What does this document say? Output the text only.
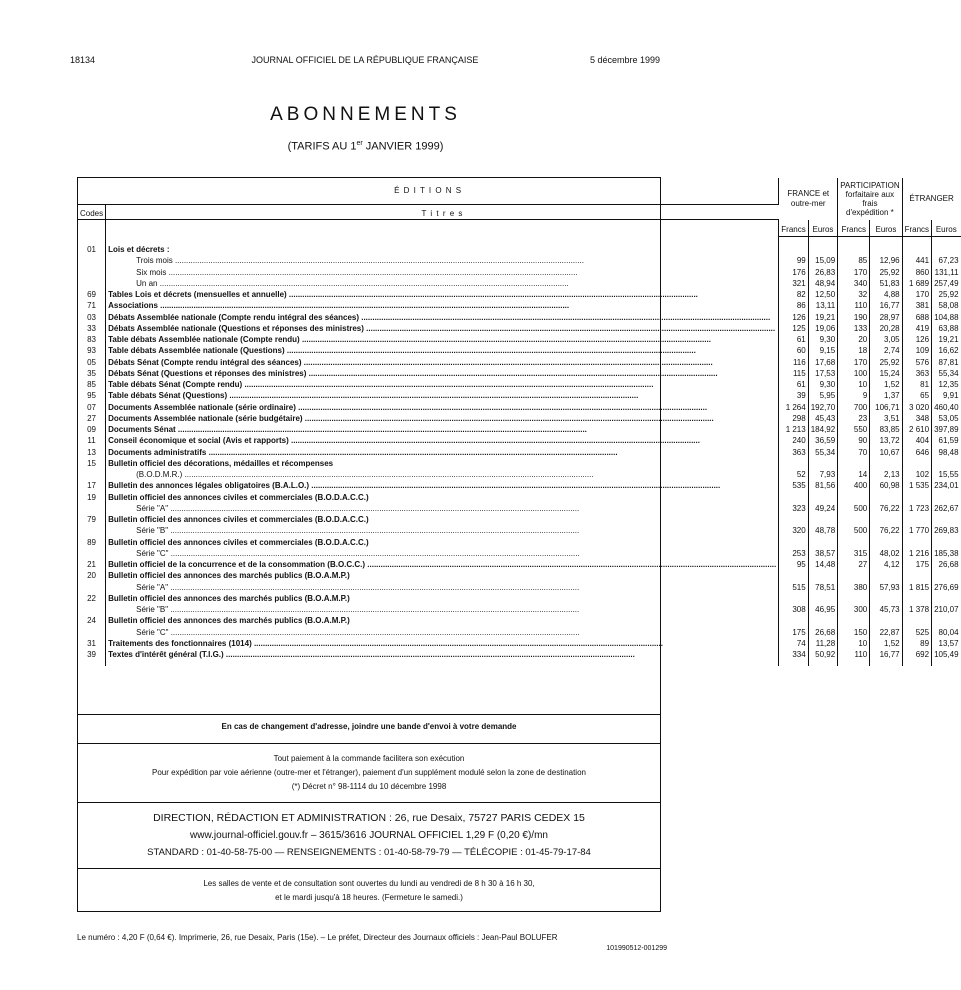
18134	JOURNAL OFFICIEL DE LA RÉPUBLIQUE FRANÇAISE	5 décembre 1999
ABONNEMENTS
(TARIFS AU 1er JANVIER 1999)
É D I T I O N S		FRANCE et outre-mer		PARTICIPATION forfaitaire aux frais d'expédition *		ÉTRANGER	
Codes	T i t r e s						
		Francs	Euros	Francs	Euros	Francs	Euros

01	Lois et décrets :						

	Trois mois .....	99	15,09	85	12,96	441	67,23

	Six mois .....	176	26,83	170	25,92	860	131,11

	Un an .....	321	48,94	340	51,83	1 689	257,49
69	Tables Lois et décrets (mensuelles et annuelle) .....	82	12,50	32	4,88	170	25,92
71	Associations .....	86	13,11	110	16,77	381	58,08
03	Débats Assemblée nationale (Compte rendu intégral des séances) .....	126	19,21	190	28,97	688	104,88
33	Débats Assemblée nationale (Questions et réponses des ministres) .....	125	19,06	133	20,28	419	63,88
83	Table débats Assemblée nationale (Compte rendu) .....	61	9,30	20	3,05	126	19,21
93	Table débats Assemblée nationale (Questions) .....	60	9,15	18	2,74	109	16,62
05	Débats Sénat (Compte rendu intégral des séances) .....	116	17,68	170	25,92	576	87,81
35	Débats Sénat (Questions et réponses des ministres) .....	115	17,53	100	15,24	363	55,34
85	Table débats Sénat (Compte rendu) .....	61	9,30	10	1,52	81	12,35
95	Table débats Sénat (Questions) .....	39	5,95	9	1,37	65	9,91
07	Documents Assemblée nationale (série ordinaire) .....	1 264	192,70	700	106,71	3 020	460,40
27	Documents Assemblée nationale (série budgétaire) .....	298	45,43	23	3,51	348	53,05
09	Documents Sénat .....	1 213	184,92	550	83,85	2 610	397,89
11	Conseil économique et social (Avis et rapports) .....	240	36,59	90	13,72	404	61,59
13	Documents administratifs .....	363	55,34	70	10,67	646	98,48
15	Bulletin officiel des décorations, médailles et récompenses						

	(B.O.D.M.R.) .....	52	7,93	14	2,13	102	15,55
17	Bulletin des annonces légales obligatoires (B.A.L.O.) .....	535	81,56	400	60,98	1 535	234,01
19	Bulletin officiel des annonces civiles et commerciales (B.O.D.A.C.C.)						

	Série "A" .....	323	49,24	500	76,22	1 723	262,67
79	Bulletin officiel des annonces civiles et commerciales (B.O.D.A.C.C.)						

	Série "B" .....	320	48,78	500	76,22	1 770	269,83
89	Bulletin officiel des annonces civiles et commerciales (B.O.D.A.C.C.)						

	Série "C" .....	253	38,57	315	48,02	1 216	185,38
21	Bulletin officiel de la concurrence et de la consommation (B.O.C.C.) .....	95	14,48	27	4,12	175	26,68
20	Bulletin officiel des annonces des marchés publics (B.O.A.M.P.)						

	Série "A" .....	515	78,51	380	57,93	1 815	276,69
22	Bulletin officiel des annonces des marchés publics (B.O.A.M.P.)						

	Série "B" .....	308	46,95	300	45,73	1 378	210,07
24	Bulletin officiel des annonces des marchés publics (B.O.A.M.P.)						

	Série "C" .....	175	26,68	150	22,87	525	80,04
31	Traitements des fonctionnaires (1014) .....	74	11,28	10	1,52	89	13,57
39	Textes d'intérêt général (T.I.G.) .....	334	50,92	110	16,77	692	105,49

En cas de changement d'adresse, joindre une bande d'envoi à votre demande
Tout paiement à la commande facilitera son exécution
Pour expédition par voie aérienne (outre-mer et l'étranger), paiement d'un supplément modulé selon la zone de destination
(*) Décret n° 98-1114 du 10 décembre 1998
DIRECTION, RÉDACTION ET ADMINISTRATION : 26, rue Desaix, 75727 PARIS CEDEX 15
www.journal-officiel.gouv.fr – 3615/3616 JOURNAL OFFICIEL 1,29 F (0,20 €)/mn
STANDARD : 01-40-58-75-00 — RENSEIGNEMENTS : 01-40-58-79-79 — TÉLÉCOPIE : 01-45-79-17-84
Les salles de vente et de consultation sont ouvertes du lundi au vendredi de 8 h 30 à 16 h 30,
et le mardi jusqu'à 18 heures. (Fermeture le samedi.)
Le numéro : 4,20 F (0,64 €). Imprimerie, 26, rue Desaix, Paris (15e). – Le préfet, Directeur des Journaux officiels : Jean-Paul BOLUFER
101990512-001299
